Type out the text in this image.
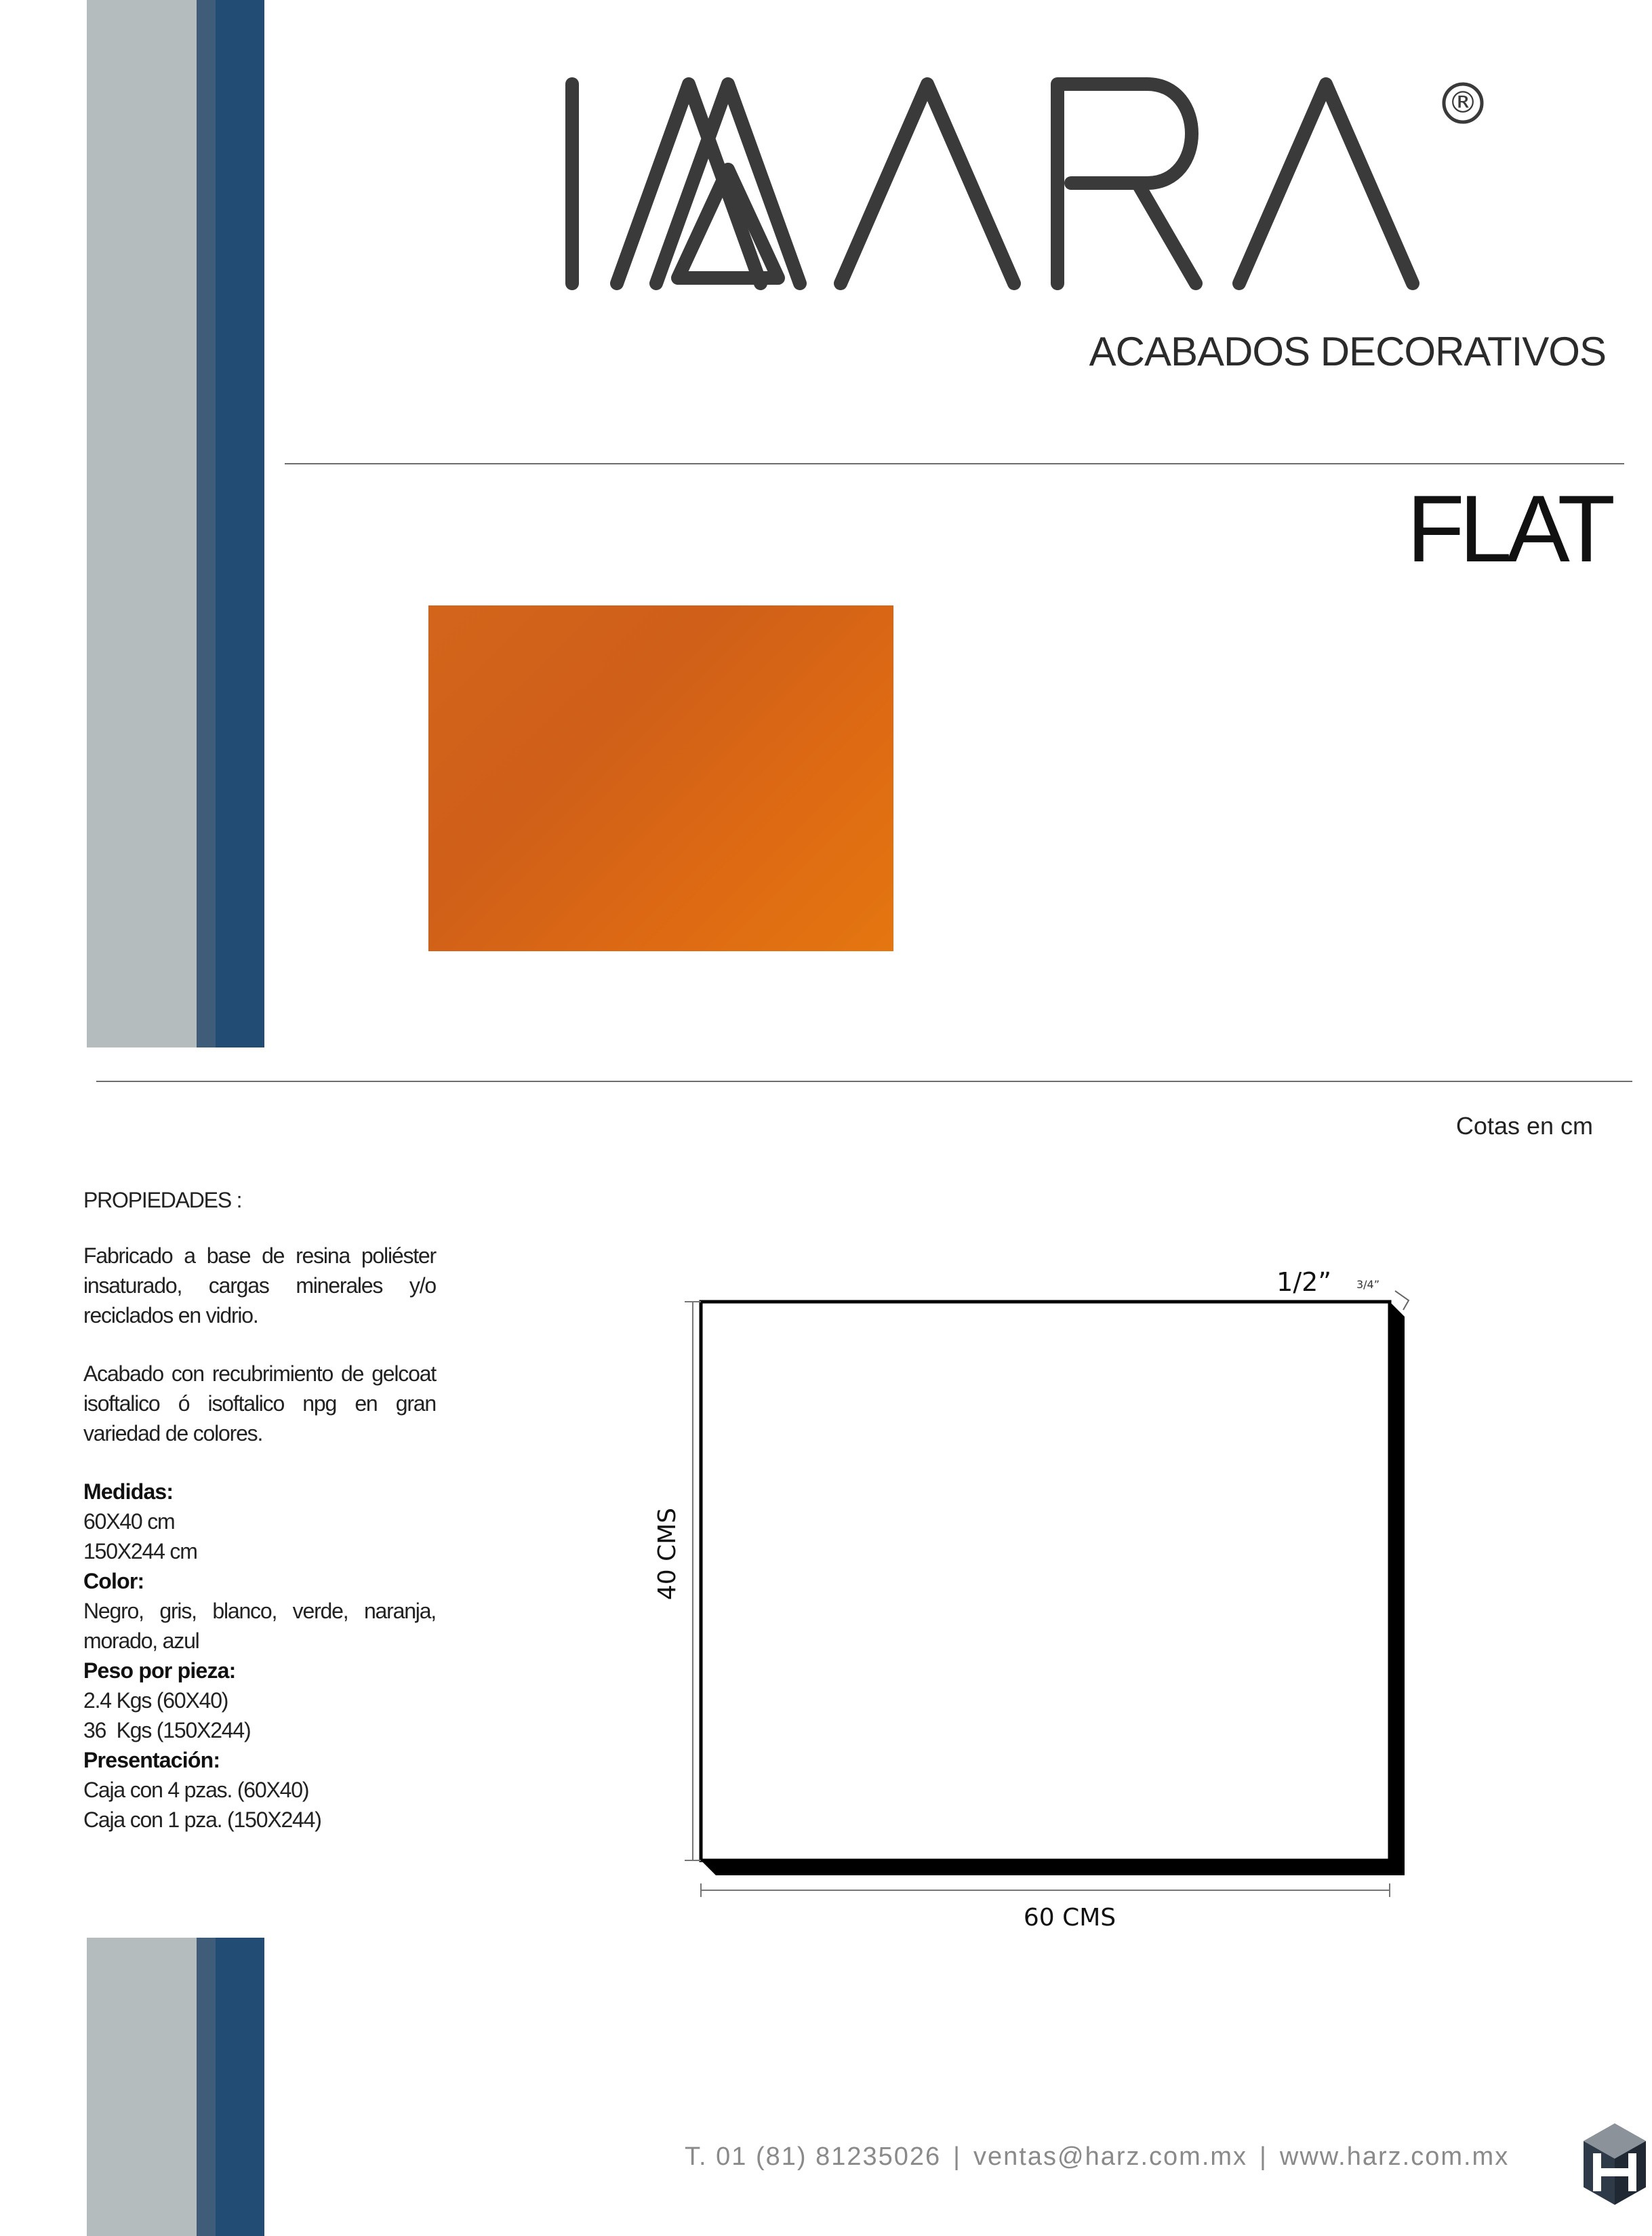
®
ACABADOS DECORATIVOS
FLAT
Cotas en cm

PROPIEDADES :

Fabricado a base de resina poliéster insaturado, cargas minerales y/o reciclados en vidrio.

Acabado con recubrimiento de gelcoat isoftalico ó isoftalico npg en gran variedad de colores.

Medidas:

60X40 cm

150X244 cm

Color:

Negro, gris, blanco, verde, naranja, morado, azul

Peso por pieza:

2.4 Kgs (60X40)

36  Kgs (150X244)

Presentación:

Caja con 4 pzas. (60X40)

Caja con 1 pza. (150X244)

1/2” 3/4”
40 CMS
60 CMS
T. 01 (81) 81235026 | ventas@harz.com.mx | www.harz.com.mx
